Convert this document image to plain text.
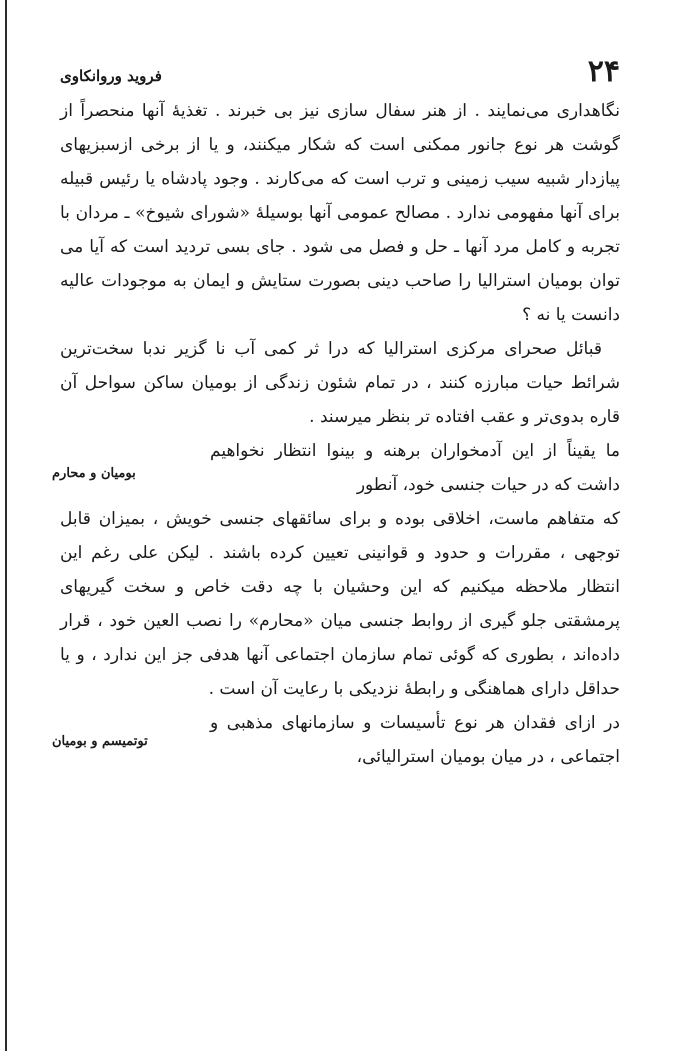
۲۴
فروید وروانکاوی

نگاهداری می‌نمایند . از هنر سفال سازی نیز بی خبرند . تغذیهٔ آنها منحصراً از گوشت هر نوع جانور ممکنی است که شکار میکنند، و یا از برخی ازسبزیهای پیازدار شبیه سیب زمینی و ترب است که می‌کارند . وجود پادشاه یا رئیس قبیله برای آنها مفهومی ندارد . مصالح عمومی آنها بوسیلهٔ «شورای شیوخ» ـ مردان با تجربه و کامل مرد آنها ـ حل و فصل می شود . جای بسی تردید است که آیا می توان بومیان استرالیا را صاحب دینی بصورت ستایش و ایمان به موجودات عالیه دانست یا نه ؟

قبائل صحرای مرکزی استرالیا که درا ثر کمی آب نا گزیر ندبا سخت‌ترین شرائط حیات مبارزه کنند ، در تمام شئون زندگی از بومیان ساکن سواحل آن قاره بدوی‌تر و عقب افتاده تر بنظر میرسند .

بومیان و محارم

ما یقیناً از این آدمخواران برهنه و بینوا انتظار نخواهیم داشت که در حیات جنسی خود، آنطور

که متفاهم ماست، اخلاقی بوده و برای سائقهای جنسی خویش ، بمیزان قابل توجهی ، مقررات و حدود و قوانینی تعیین کرده باشند . لیکن علی رغم این انتظار ملاحظه میکنیم که این وحشیان با چه دقت خاص و سخت گیریهای پرمشقتی جلو گیری از روابط جنسی میان «محارم» را نصب العین خود ، قرار داده‌اند ، بطوری که گوئی تمام سازمان اجتماعی آنها هدفی جز این ندارد ، و یا حداقل دارای هماهنگی و رابطهٔ نزدیکی با رعایت آن است .

توتمیسم و بومیان

در ازای فقدان هر نوع تأسیسات و سازمانهای مذهبی و اجتماعی ، در میان بومیان استرالیائی،
